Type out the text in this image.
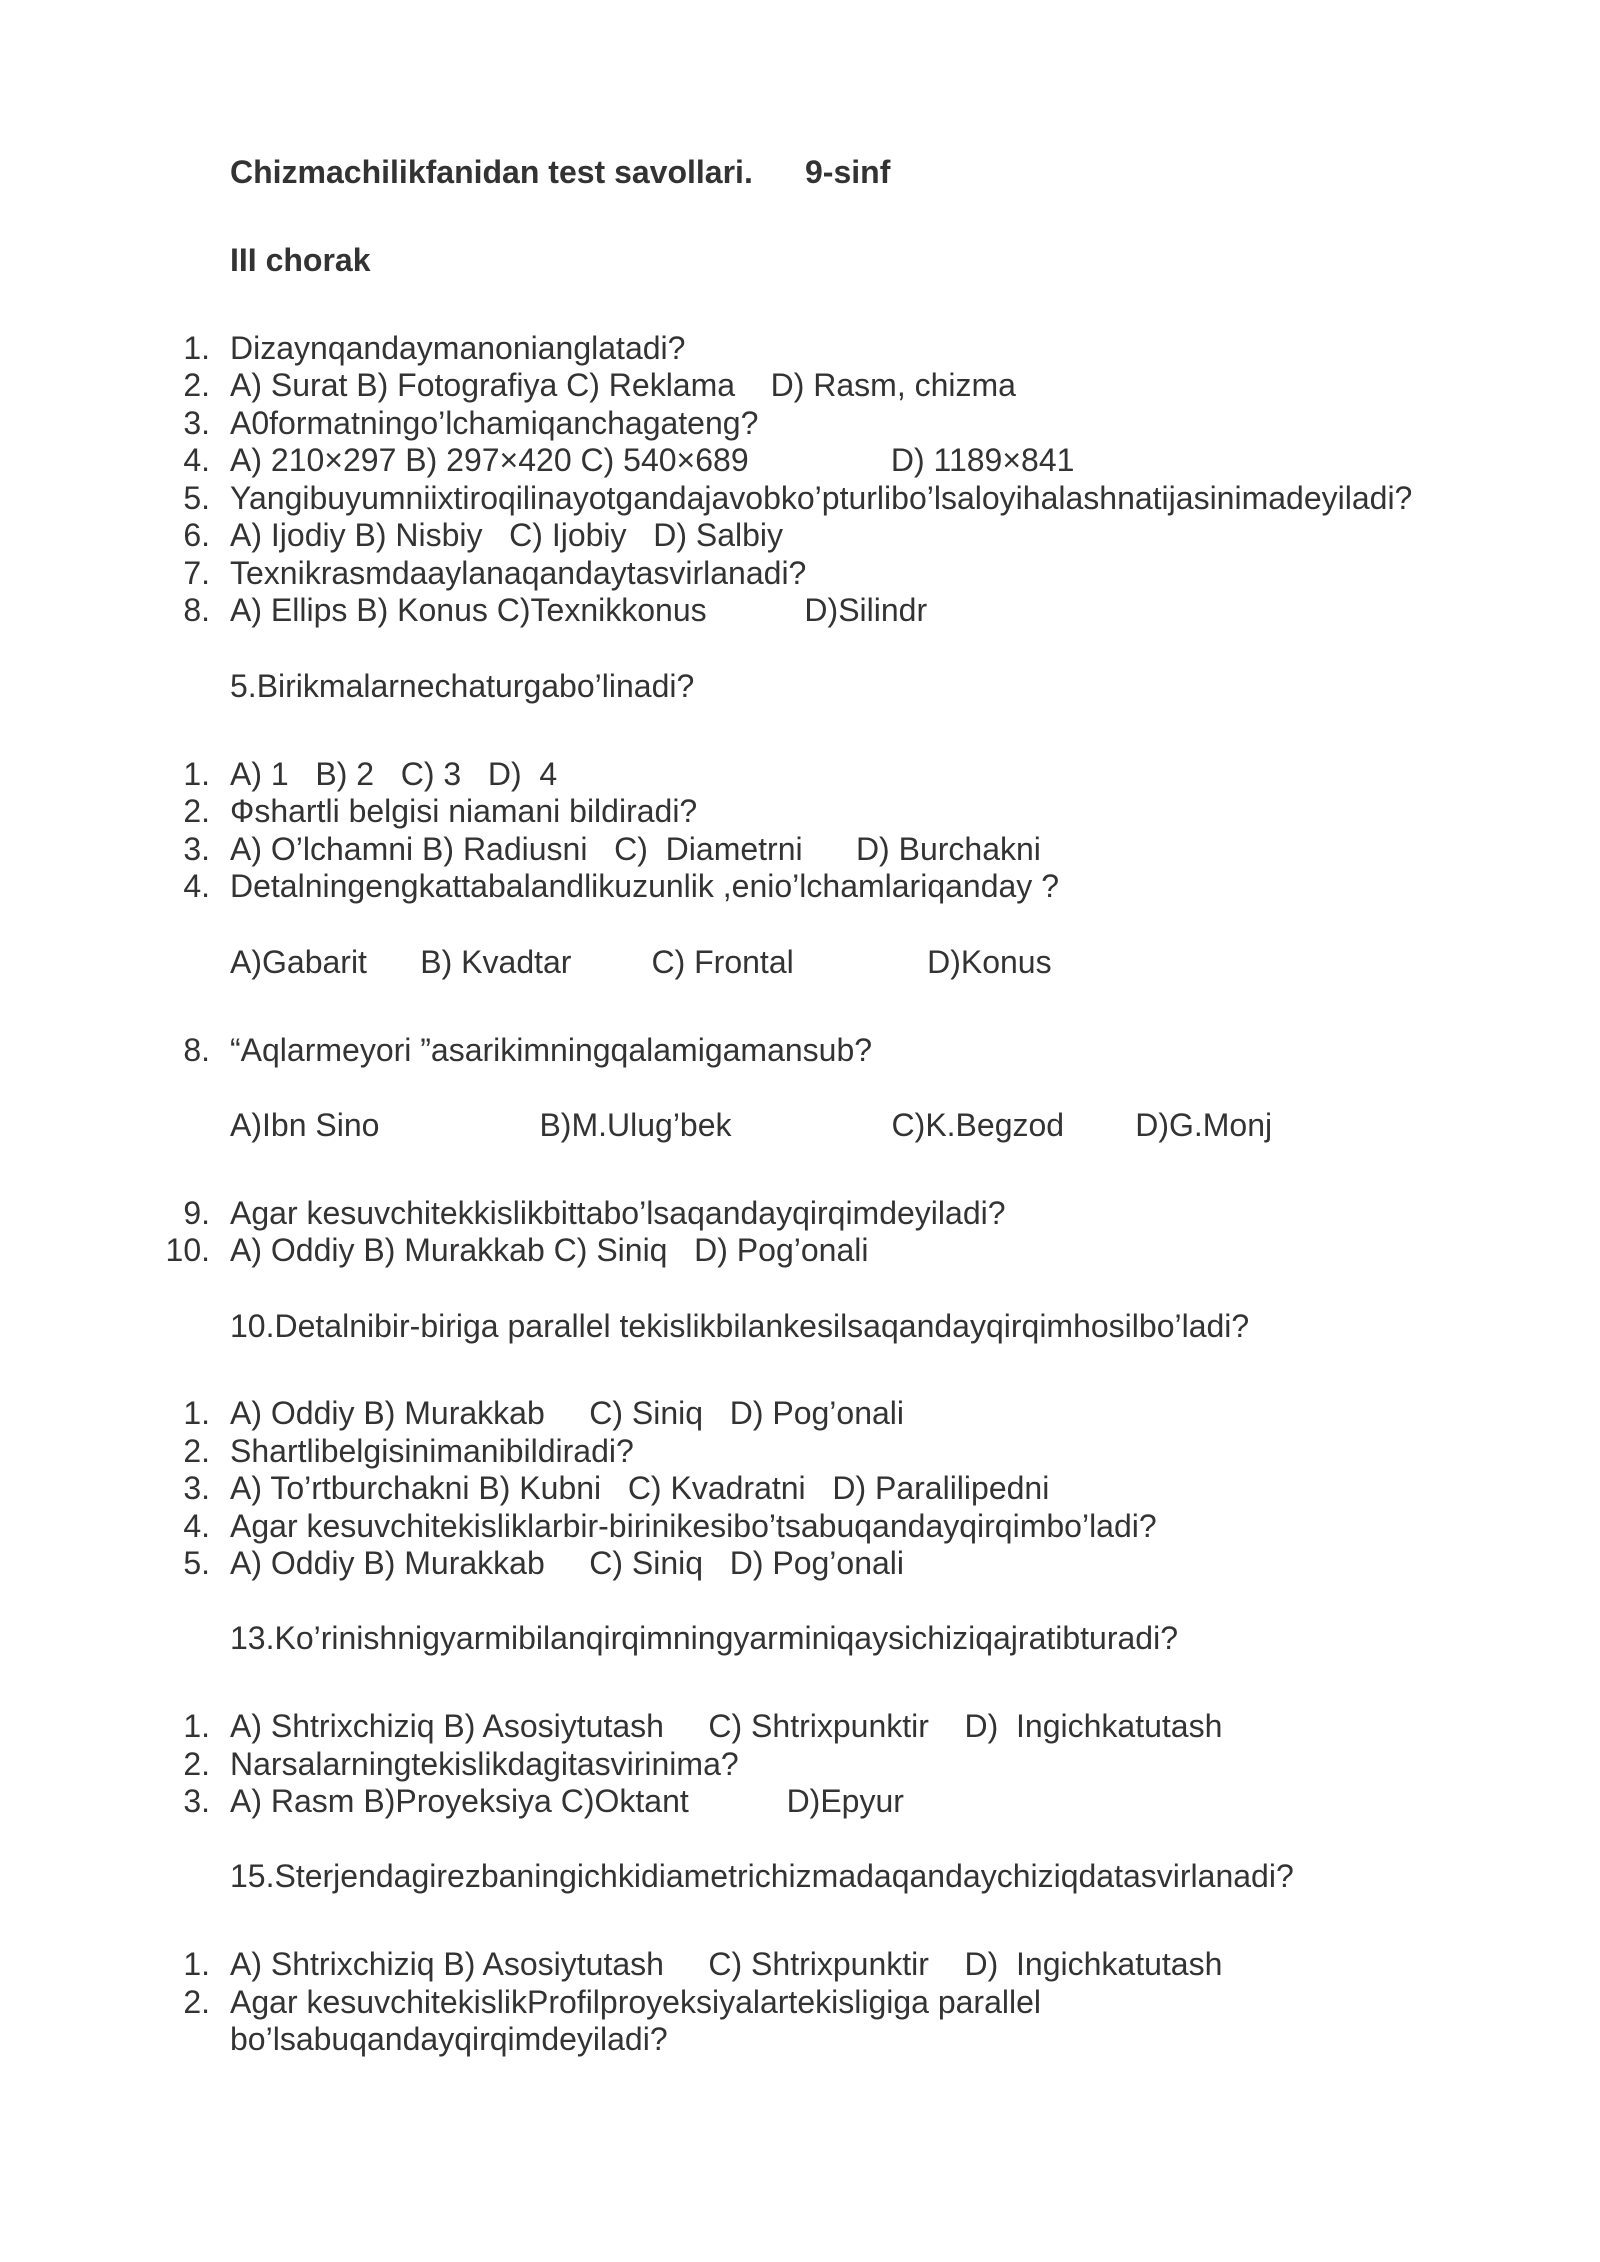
Chizmachilikfanidan test savollari. 9-sinf
III chorak
1. Dizaynqandaymanonianglatadi?
2. A) Surat B) Fotografiya C) Reklama    D) Rasm, chizma
3. A0formatningo’lchamiqanchagateng?
4. A) 210×297 B) 297×420 C) 540×689                D) 1189×841
5. Yangibuyumniixtiroqilinayotgandajavobko’pturlibo’lsaloyihalashnatijasinimadeyiladi?
6. A) Ijodiy B) Nisbiy   C) Ijobiy   D) Salbiy
7. Texnikrasmdaaylanaqandaytasvirlanadi?
8. A) Ellips B) Konus C)Texnikkonus           D)Silindr
5.Birikmalarnechaturgabo’linadi?
1. A) 1   B) 2   C) 3   D)  4
2. Фshartli belgisi niamani bildiradi?
3. A) O’lchamni B) Radiusni   C)  Diametrni      D) Burchakni
4. Detalningengkattabalandlikuzunlik ,enio’lchamlariqanday ?
A)Gabarit      B) Kvadtar         C) Frontal               D)Konus
8. “Aqlarmeyori ”asarikimningqalamigamansub?
A)Ibn Sino                  B)M.Ulug’bek                  C)K.Begzod        D)G.Monj
9. Agar kesuvchitekkislikbittabo’lsaqandayqirqimdeyiladi?
10. A) Oddiy B) Murakkab C) Siniq   D) Pog’onali
10.Detalnibir-biriga parallel tekislikbilankesilsaqandayqirqimhosilbo’ladi?
1. A) Oddiy B) Murakkab     C) Siniq   D) Pog’onali
2. Shartlibelgisinimanibildiradi?
3. A) To’rtburchakni B) Kubni   C) Kvadratni   D) Paralilipedni
4. Agar kesuvchitekisliklarbir-birinikesibo’tsabuqandayqirqimbo’ladi?
5. A) Oddiy B) Murakkab     C) Siniq   D) Pog’onali
13.Ko’rinishnigyarmibilanqirqimningyarminiqaysichiziqajratibturadi?
1. A) Shtrixchiziq B) Asosiytutash     C) Shtrixpunktir    D)  Ingichkatutash
2. Narsalarningtekislikdagitasvirinima?
3. A) Rasm B)Proyeksiya C)Oktant           D)Epyur
15.Sterjendagirezbaningichkidiametrichizmadaqandaychiziqdatasvirlanadi?
1. A) Shtrixchiziq B) Asosiytutash     C) Shtrixpunktir    D)  Ingichkatutash
2. Agar kesuvchitekislikProfilproyeksiyalartekisligiga parallel
bo’lsabuqandayqirqimdeyiladi?
